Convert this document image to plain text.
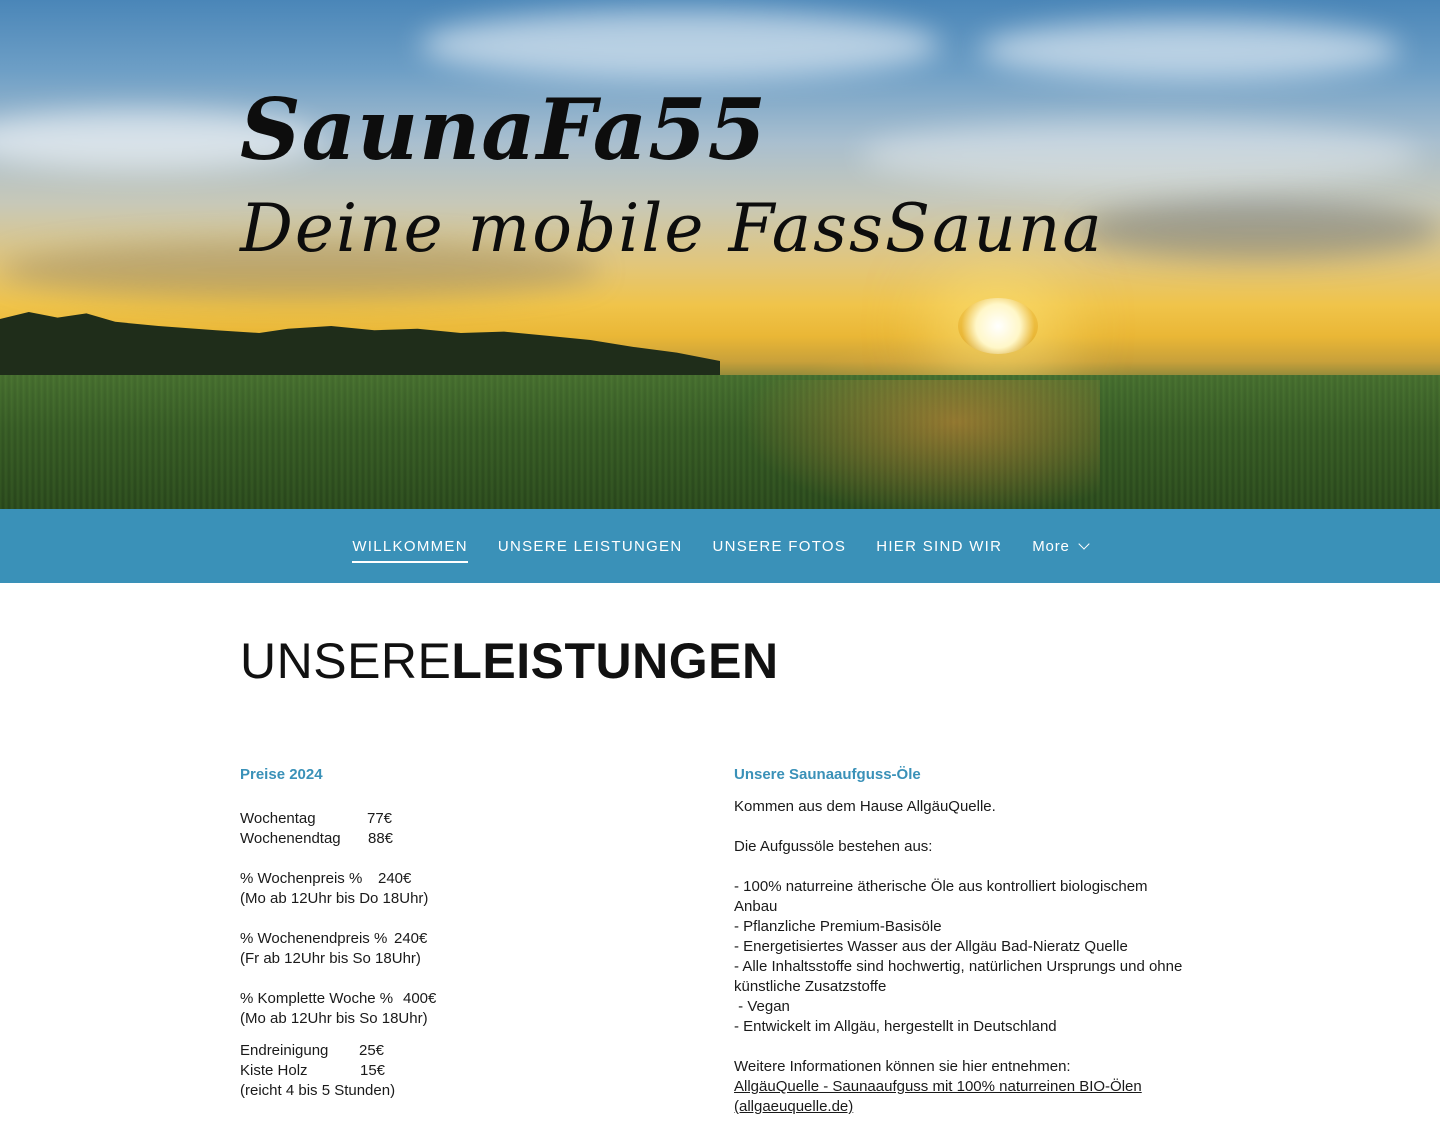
SaunaFa55
Deine mobile FassSauna
WILLKOMMEN UNSERE LEISTUNGEN UNSERE FOTOS HIER SIND WIR More
UNSERELEISTUNGEN
Preise 2024
Wochentag	77€
Wochenendtag	88€
% Wochenpreis %	240€
(Mo ab 12Uhr bis Do 18Uhr)
% Wochenendpreis % 240€
(Fr ab 12Uhr bis So 18Uhr)
% Komplette Woche % 400€
(Mo ab 12Uhr bis So 18Uhr)
Endreinigung	25€
Kiste Holz	15€
(reicht 4 bis 5 Stunden)
Unsere Saunaaufguss-Öle
Kommen aus dem Hause AllgäuQuelle.
Die Aufgussöle bestehen aus:
- 100% naturreine ätherische Öle aus kontrolliert biologischem Anbau
- Pflanzliche Premium-Basisöle
- Energetisiertes Wasser aus der Allgäu Bad-Nieratz Quelle
- Alle Inhaltsstoffe sind hochwertig, natürlichen Ursprungs und ohne künstliche Zusatzstoffe
- Vegan
- Entwickelt im Allgäu, hergestellt in Deutschland
Weitere Informationen können sie hier entnehmen:
AllgäuQuelle - Saunaaufguss mit 100% naturreinen BIO-Ölen (allgaeuquelle.de)
